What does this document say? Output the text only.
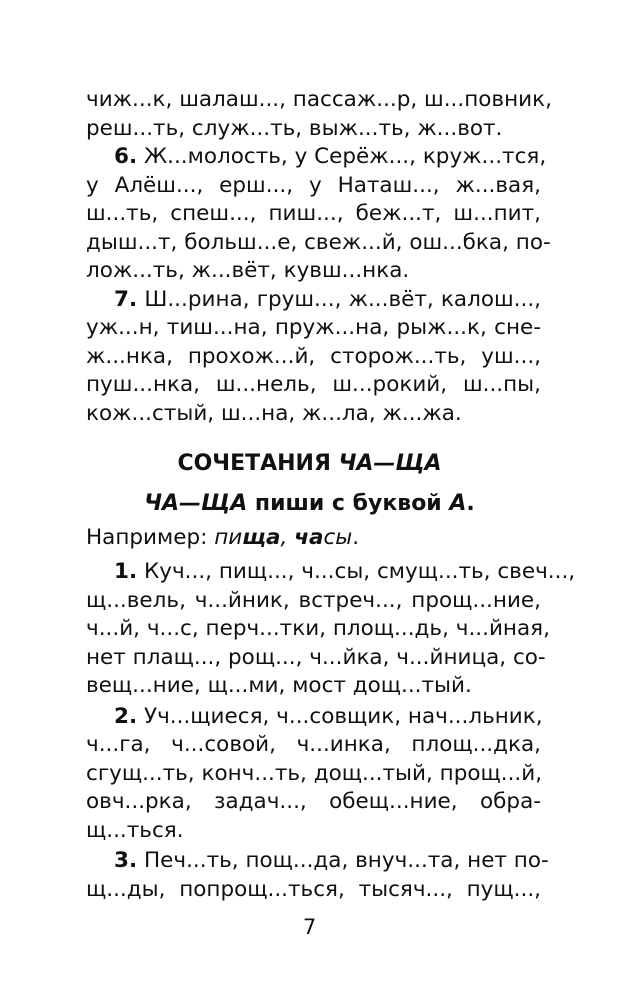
чиж...к, шалаш..., пассаж...р, ш...повник,
реш...ть, служ...ть, выж...ть, ж...вот.
6. Ж...молость, у Серёж..., круж...тся,
у Алёш..., ерш..., у Наташ..., ж...вая,
ш...ть, спеш..., пиш..., беж...т, ш...пит,
дыш...т, больш...е, свеж...й, ош...бка, по-
лож...ть, ж...вёт, кувш...нка.
7. Ш...рина, груш..., ж...вёт, калош...,
уж...н, тиш...на, пруж...на, рыж...к, сне-
ж...нка, прохож...й, сторож...ть, уш...,
пуш...нка, ш...нель, ш...рокий, ш...пы,
кож...стый, ш...на, ж...ла, ж...жа.
СОЧЕТАНИЯ ЧА—ЩА
ЧА—ЩА пиши с буквой А.
Например: пища, часы.
1. Куч..., пищ..., ч...сы, смущ...ть, свеч...,
щ...вель, ч...йник, встреч..., прощ...ние,
ч...й, ч...с, перч...тки, площ...дь, ч...йная,
нет плащ..., рощ..., ч...йка, ч...йница, со-
вещ...ние, щ...ми, мост дощ...тый.
2. Уч...щиеся, ч...совщик, нач...льник,
ч...га, ч...совой, ч...инка, площ...дка,
сгущ...ть, конч...ть, дощ...тый, прощ...й,
овч...рка, задач..., обещ...ние, обра-
щ...ться.
3. Печ...ть, пощ...да, внуч...та, нет по-
щ...ды, попрощ...ться, тысяч..., пущ...,
7
